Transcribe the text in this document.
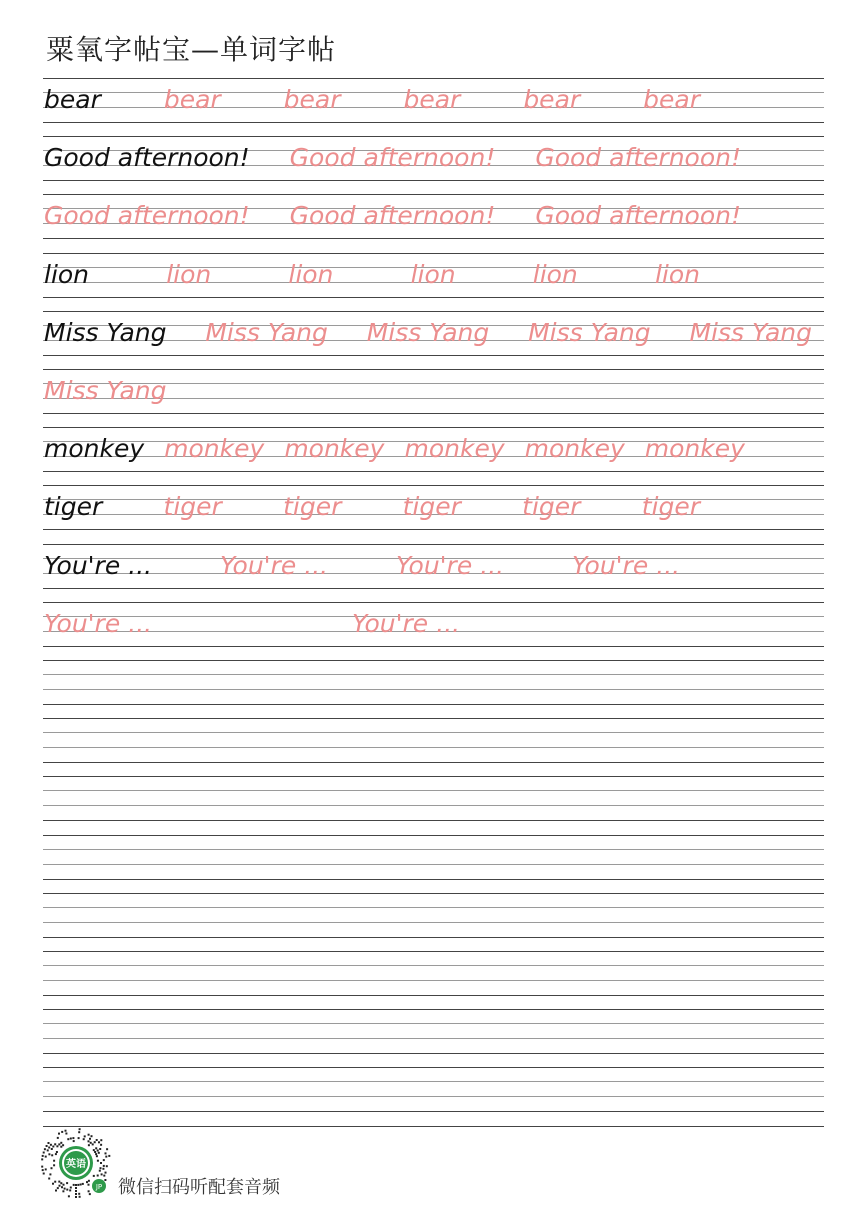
粟氧字帖宝—单词字帖
bear	bear	bear	bear	bear	bear
Good afternoon! Good afternoon! Good afternoon!
Good afternoon! Good afternoon! Good afternoon!
lion	lion	lion	lion	lion	lion
Miss Yang Miss Yang Miss Yang Miss Yang Miss Yang
Miss Yang
monkey monkey monkey monkey monkey monkey
tiger tiger tiger tiger tiger tiger
You're ...	You're ...	You're ...	You're ...
You're ...	You're ...
英语
JP 微信扫码听配套音频
